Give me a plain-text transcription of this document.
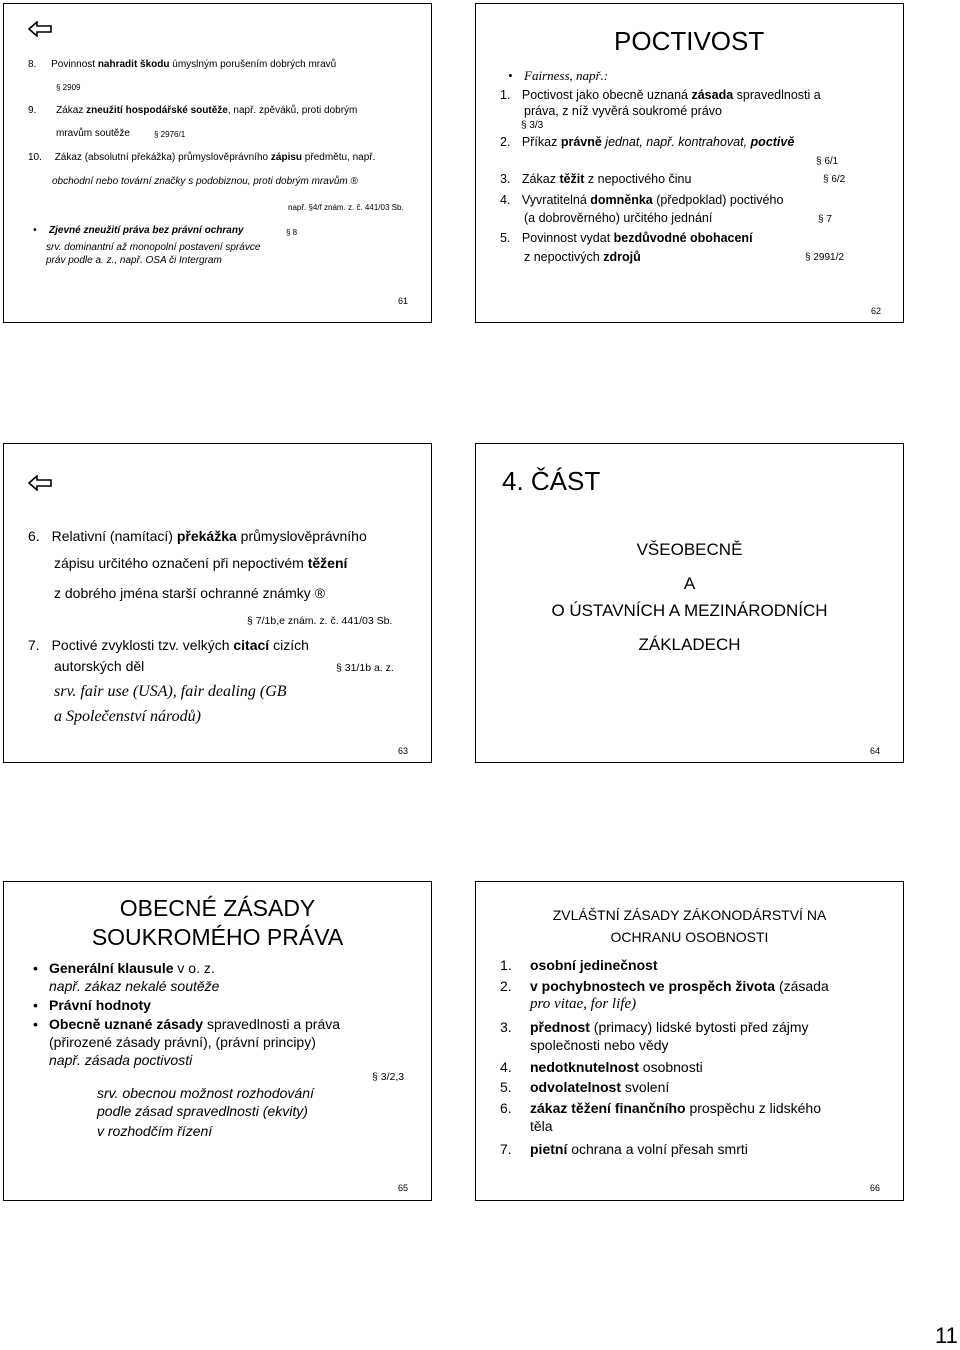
8. Povinnost nahradit škodu úmyslným porušením dobrých mravů
§ 2909
9. Zákaz zneužití hospodářské soutěže, např. zpěváků, proti dobrým
mravům soutěže	§ 2976/1
10. Zákaz (absolutní překážka) průmyslověprávního zápisu předmětu, např.
obchodní nebo tovární značky s podobiznou, proti dobrým mravům ®
např. §4/f znám. z. č. 441/03 Sb.
• Zjevné zneužití práva bez právní ochrany	§ 8
srv. dominantní až monopolní postavení správce
práv podle a. z., např. OSA či Intergram
61
POCTIVOST
• Fairness, např.:
1. Poctivost jako obecně uznaná zásada spravedlnosti a
práva, z níž vyvěrá soukromé právo
§ 3/3
2. Příkaz právně jednat, např. kontrahovat, poctivě
§ 6/1
3. Zákaz těžit z nepoctivého činu	§ 6/2
4. Vyvratitelná domněnka (předpoklad) poctivého
(a dobrověrného) určitého jednání	§ 7
5. Povinnost vydat bezdůvodné obohacení
z nepoctivých zdrojů	§ 2991/2
62
6. Relativní (namítací) překážka průmyslověprávního
zápisu určitého označení při nepoctivém těžení
z dobrého jména starší ochranné známky ®
§ 7/1b,e znám. z. č. 441/03 Sb.
7. Poctivé zvyklosti tzv. velkých citací cizích
autorských děl	§ 31/1b a. z.
srv. fair use (USA), fair dealing (GB
a Společenství národů)
63
4. ČÁST
VŠEOBECNĚ
A
O ÚSTAVNÍCH A MEZINÁRODNÍCH
ZÁKLADECH
64
OBECNÉ ZÁSADY
SOUKROMÉHO PRÁVA
• Generální klausule v o. z.
např. zákaz nekalé soutěže
• Právní hodnoty
• Obecně uznané zásady spravedlnosti a práva
(přirozené zásady právní), (právní principy)
např. zásada poctivosti
§ 3/2,3
srv. obecnou možnost rozhodování
podle zásad spravedlnosti (ekvity)
v rozhodčím řízení
65
ZVLÁŠTNÍ ZÁSADY ZÁKONODÁRSTVÍ NA
OCHRANU OSOBNOSTI
1. osobní jedinečnost
2. v pochybnostech ve prospěch života (zásada
pro vitae, for life)
3. přednost (primacy) lidské bytosti před zájmy
společnosti nebo vědy
4. nedotknutelnost osobnosti
5. odvolatelnost svolení
6. zákaz těžení finančního prospěchu z lidského
těla
7. pietní ochrana a volní přesah smrti
66
11
